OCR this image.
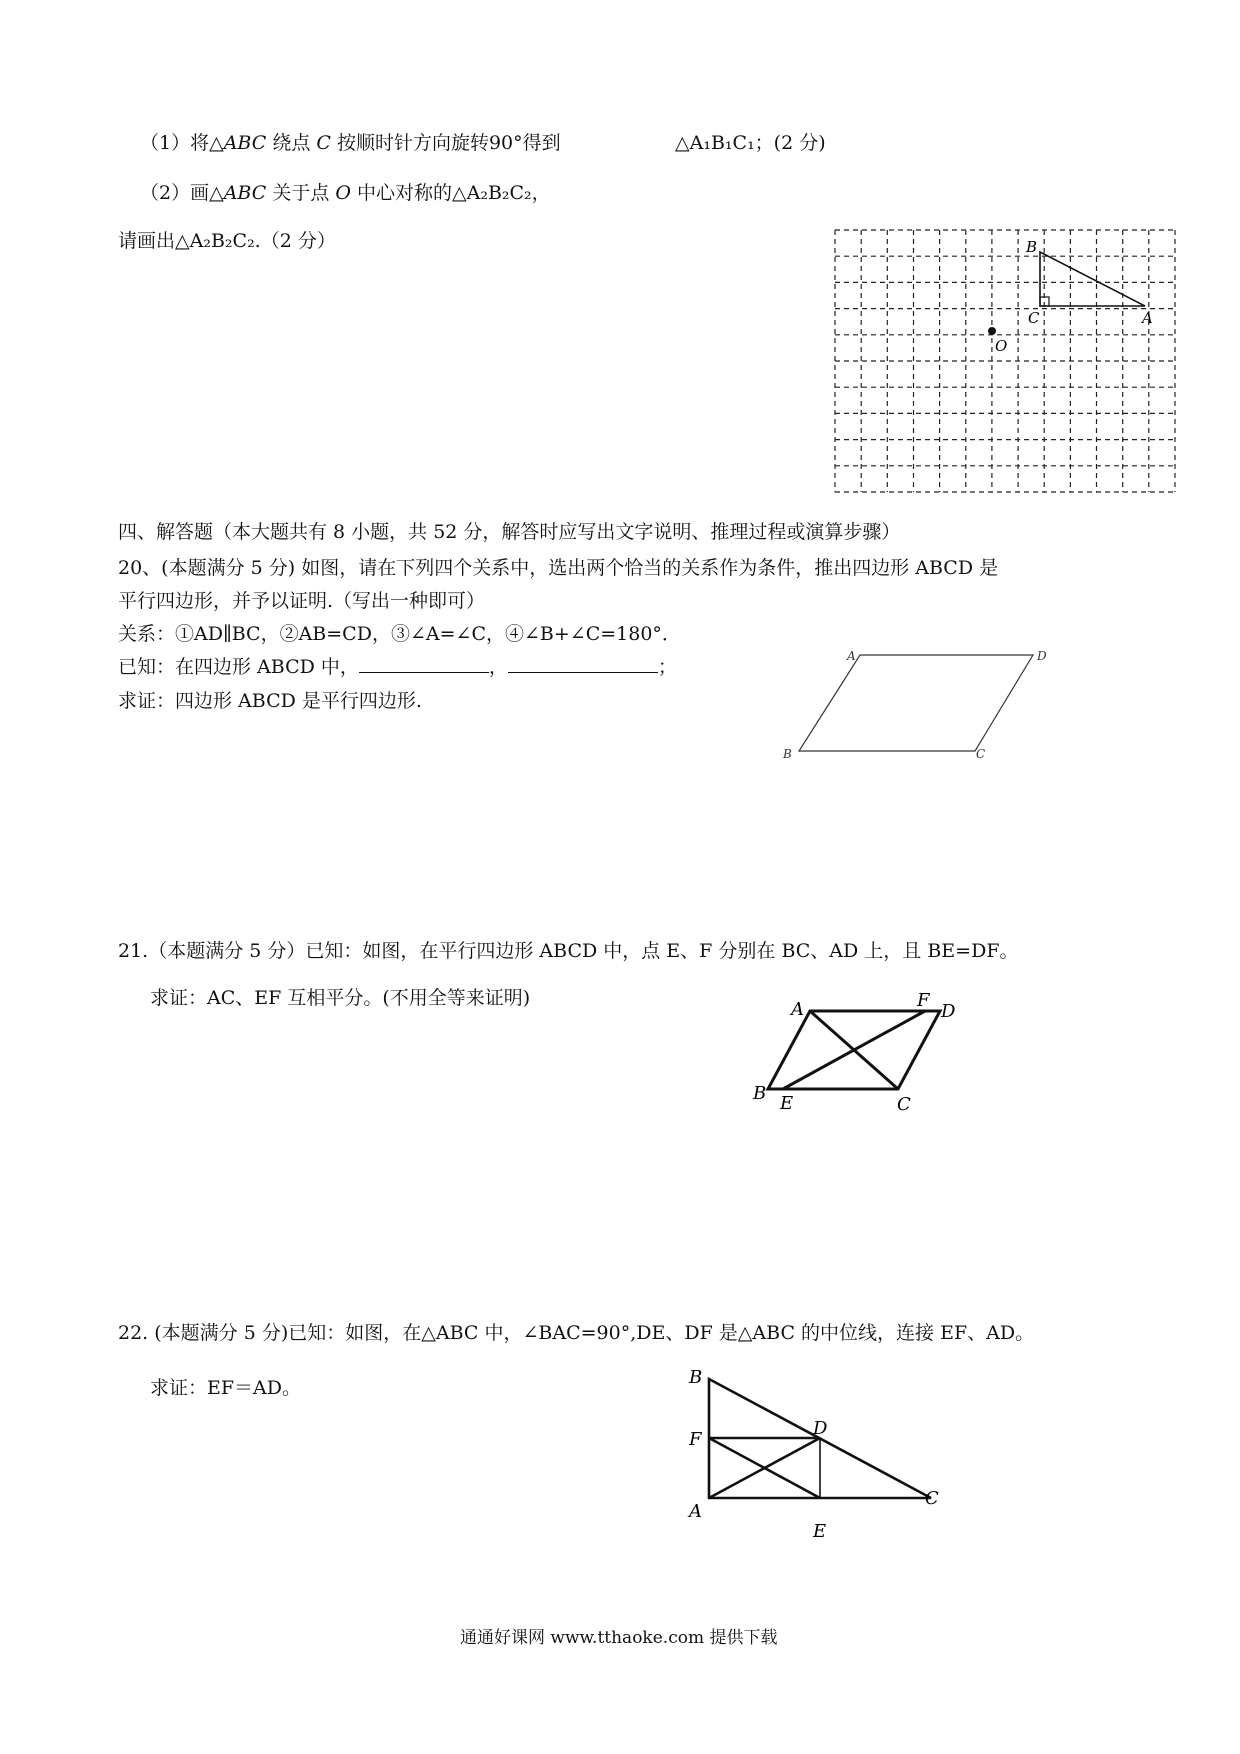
（1）将△ABC 绕点 C 按顺时针方向旋转90°得到	△A₁B₁C₁；(2 分)
（2）画△ABC 关于点 O 中心对称的△A₂B₂C₂，
请画出△A₂B₂C₂.（2 分）	B
C	A
O
四、解答题（本大题共有 8 小题，共 52 分，解答时应写出文字说明、推理过程或演算步骤）
20、(本题满分 5 分) 如图，请在下列四个关系中，选出两个恰当的关系作为条件，推出四边形 ABCD 是
平行四边形，并予以证明.（写出一种即可）
关系：①AD∥BC，②AB=CD，③∠A=∠C，④∠B+∠C=180°．
已知：在四边形 ABCD 中，	，	；
求证：四边形 ABCD 是平行四边形.
A	D
B	C
21.（本题满分 5 分）已知：如图，在平行四边形 ABCD 中，点 E、F 分别在 BC、AD 上，且 BE=DF。
求证：AC、EF 互相平分。(不用全等来证明)
A	F
D
B E	C
22. (本题满分 5 分)已知：如图，在△ABC 中，∠BAC=90°,DE、DF 是△ABC 的中位线，连接 EF、AD。
求证：EF＝AD。	B
F
D
A
C
E
通通好课网 www.tthaoke.com 提供下载
